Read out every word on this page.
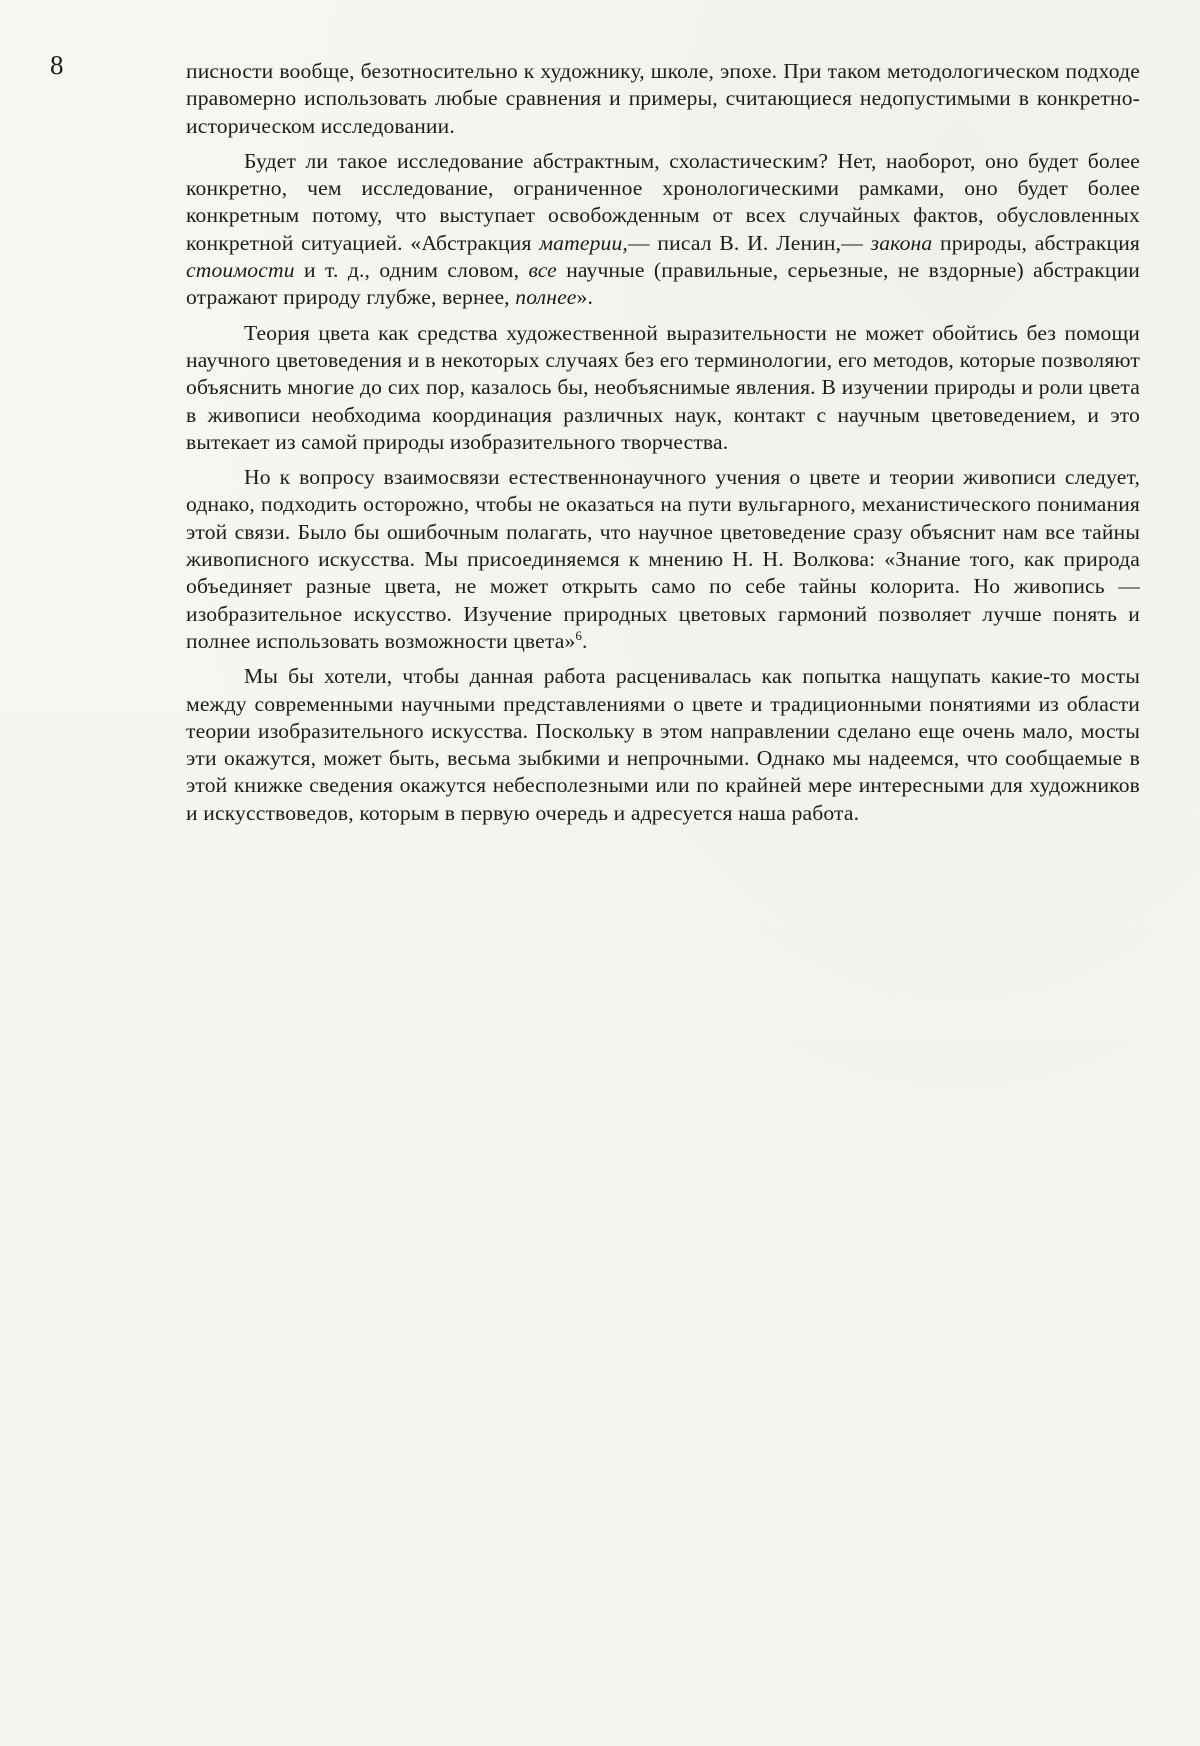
8	писности вообще, безотносительно к художнику, школе, эпохе. При таком методологическом подходе правомерно использовать любые сравнения и примеры, считающиеся недопустимыми в конкретно-историческом исследовании.

Будет ли такое исследование абстрактным, схоластическим? Нет, наоборот, оно будет более конкретно, чем исследование, ограниченное хронологическими рамками, оно будет более конкретным потому, что выступает освобожденным от всех случайных фактов, обусловленных конкретной ситуацией. «Абстракция материи,— писал В. И. Ленин,— закона природы, абстракция стоимости и т. д., одним словом, все научные (правильные, серьезные, не вздорные) абстракции отражают природу глубже, вернее, полнее».

Теория цвета как средства художественной выразительности не может обойтись без помощи научного цветоведения и в некоторых случаях без его терминологии, его методов, которые позволяют объяснить многие до сих пор, казалось бы, необъяснимые явления. В изучении природы и роли цвета в живописи необходима координация различных наук, контакт с научным цветоведением, и это вытекает из самой природы изобразительного творчества.

Но к вопросу взаимосвязи естественнонаучного учения о цвете и теории живописи следует, однако, подходить осторожно, чтобы не оказаться на пути вульгарного, механистического понимания этой связи. Было бы ошибочным полагать, что научное цветоведение сразу объяснит нам все тайны живописного искусства. Мы присоединяемся к мнению Н. Н. Волкова: «Знание того, как природа объединяет разные цвета, не может открыть само по себе тайны колорита. Но живопись — изобразительное искусство. Изучение природных цветовых гармоний позволяет лучше понять и полнее использовать возможности цвета»$^6$.

Мы бы хотели, чтобы данная работа расценивалась как попытка нащупать какие-то мосты между современными научными представлениями о цвете и традиционными понятиями из области теории изобразительного искусства. Поскольку в этом направлении сделано еще очень мало, мосты эти окажутся, может быть, весьма зыбкими и непрочными. Однако мы надеемся, что сообщаемые в этой книжке сведения окажутся небесполезными или по крайней мере интересными для художников и искусствоведов, которым в первую очередь и адресуется наша работа.
